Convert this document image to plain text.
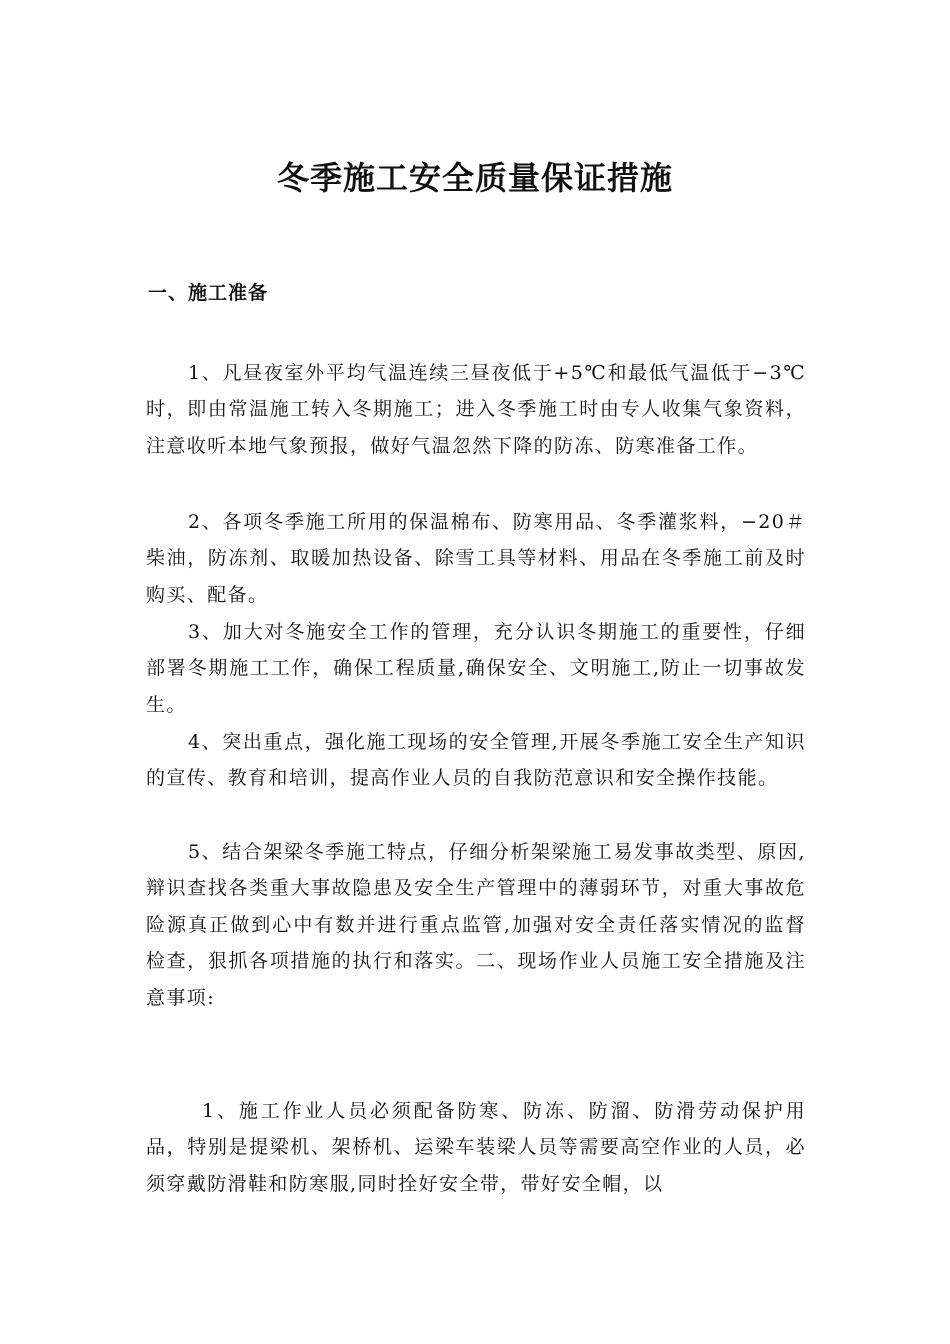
冬季施工安全质量保证措施
一、施工准备

1、凡昼夜室外平均气温连续三昼夜低于+5℃和最低气温低于−3℃时，即由常温施工转入冬期施工；进入冬季施工时由专人收集气象资料，注意收听本地气象预报，做好气温忽然下降的防冻、防寒准备工作。

2、各项冬季施工所用的保温棉布、防寒用品、冬季灌浆料，−20＃柴油，防冻剂、取暖加热设备、除雪工具等材料、用品在冬季施工前及时购买、配备。

3、加大对冬施安全工作的管理，充分认识冬期施工的重要性，仔细部署冬期施工工作，确保工程质量,确保安全、文明施工,防止一切事故发生。

4、突出重点，强化施工现场的安全管理,开展冬季施工安全生产知识的宣传、教育和培训，提高作业人员的自我防范意识和安全操作技能。

5、结合架梁冬季施工特点，仔细分析架梁施工易发事故类型、原因,辩识查找各类重大事故隐患及安全生产管理中的薄弱环节，对重大事故危险源真正做到心中有数并进行重点监管,加强对安全责任落实情况的监督检查，狠抓各项措施的执行和落实。二、现场作业人员施工安全措施及注意事项:

1、施工作业人员必须配备防寒、防冻、防溜、防滑劳动保护用品，特别是提梁机、架桥机、运梁车装梁人员等需要高空作业的人员，必须穿戴防滑鞋和防寒服,同时拴好安全带，带好安全帽，以
